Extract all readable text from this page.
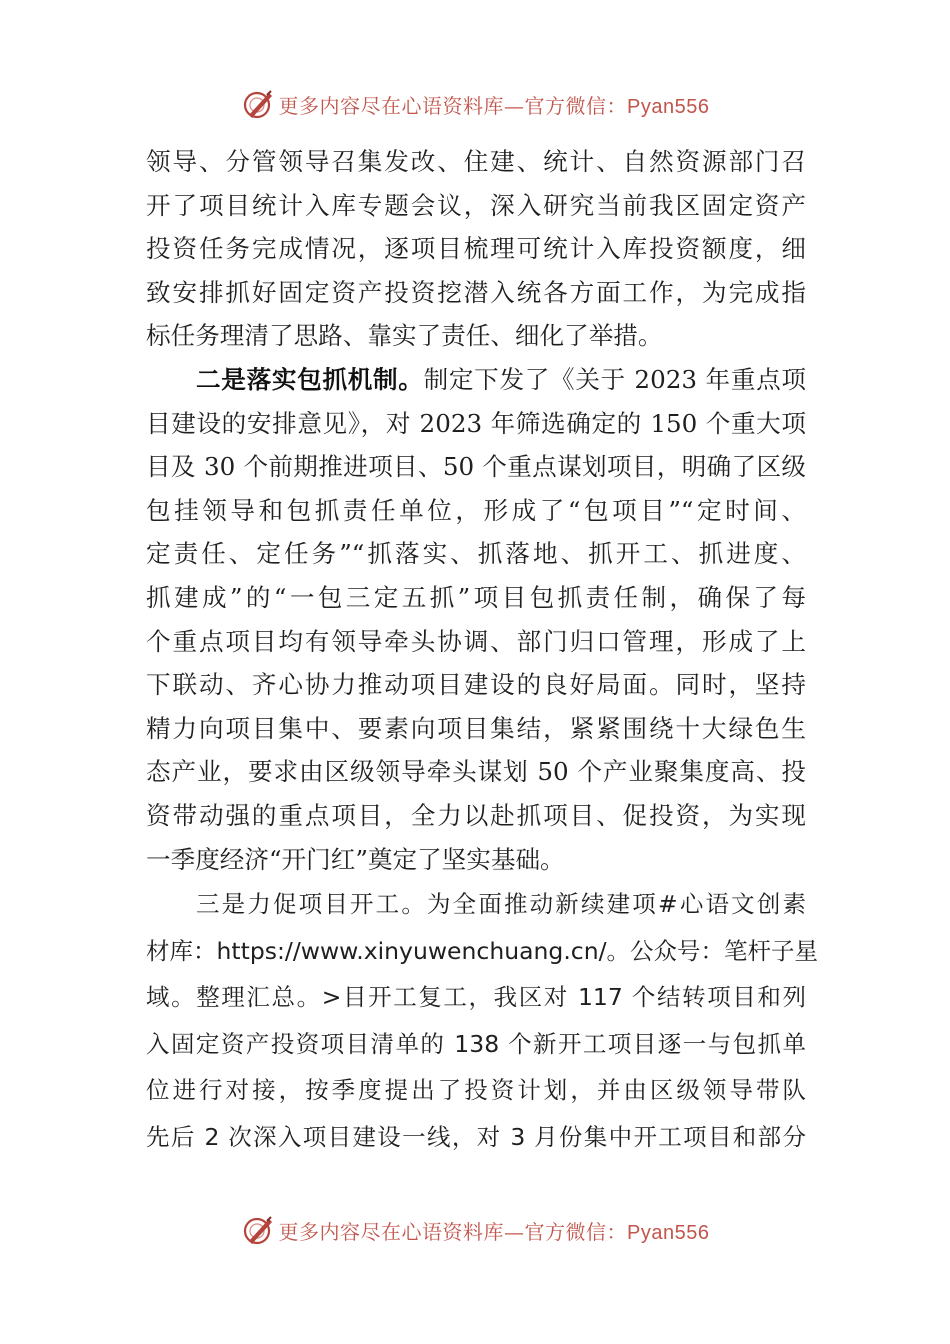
更多内容尽在心语资料库—官方微信：Pyan556
领导、分管领导召集发改、住建、统计、自然资源部门召
开了项目统计入库专题会议，深入研究当前我区固定资产
投资任务完成情况，逐项目梳理可统计入库投资额度，细
致安排抓好固定资产投资挖潜入统各方面工作，为完成指
标任务理清了思路、靠实了责任、细化了举措。
二是落实包抓机制。制定下发了《关于 2023 年重点项
目建设的安排意见》，对 2023 年筛选确定的 150 个重大项
目及 30 个前期推进项目、50 个重点谋划项目，明确了区级
包挂领导和包抓责任单位，形成了“包项目”“定时间、
定责任、定任务”“抓落实、抓落地、抓开工、抓进度、
抓建成”的“一包三定五抓”项目包抓责任制，确保了每
个重点项目均有领导牵头协调、部门归口管理，形成了上
下联动、齐心协力推动项目建设的良好局面。同时，坚持
精力向项目集中、要素向项目集结，紧紧围绕十大绿色生
态产业，要求由区级领导牵头谋划 50 个产业聚集度高、投
资带动强的重点项目，全力以赴抓项目、促投资，为实现
一季度经济“开门红”奠定了坚实基础。
三是力促项目开工。为全面推动新续建项#心语文创素
材库：https://www.xinyuwenchuang.cn/。公众号：笔杆子星
域。整理汇总。>目开工复工，我区对 117 个结转项目和列
入固定资产投资项目清单的 138 个新开工项目逐一与包抓单
位进行对接，按季度提出了投资计划，并由区级领导带队
先后 2 次深入项目建设一线，对 3 月份集中开工项目和部分
更多内容尽在心语资料库—官方微信：Pyan556
